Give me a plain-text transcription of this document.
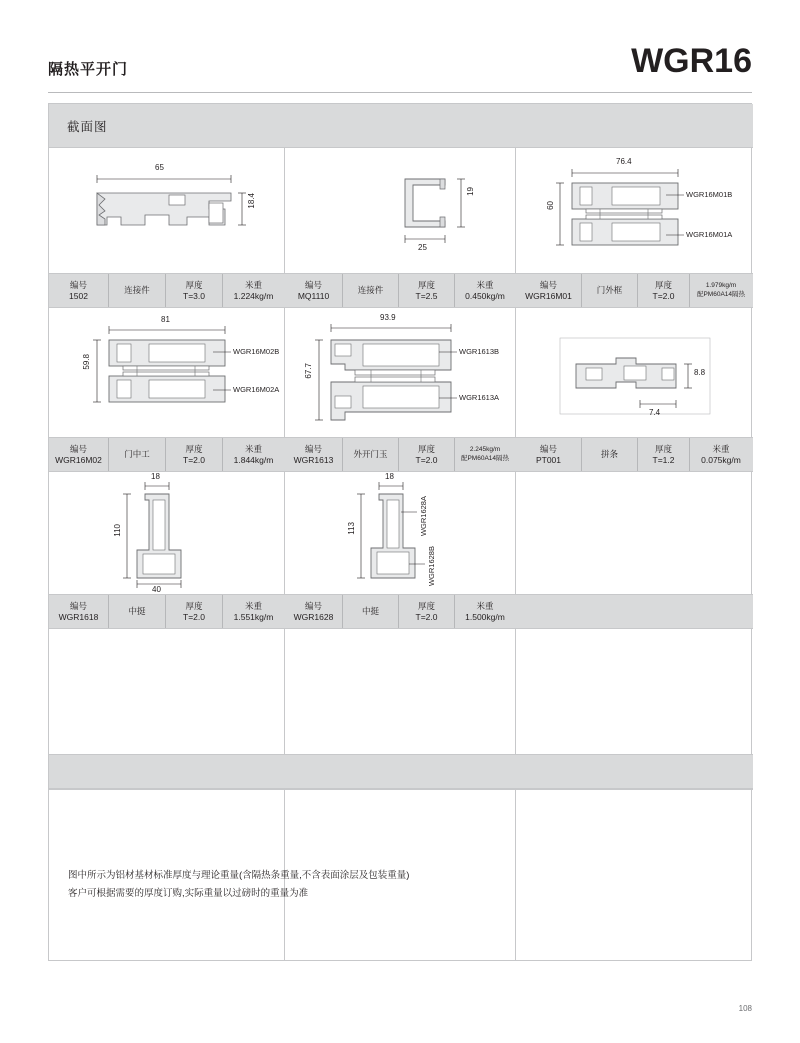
隔热平开门	WGR16
截面图
65
18.4
25
19
76.4
60
WGR16M01B
WGR16M01A
编号
1502
连接件
厚度
T=3.0
米重
1.224kg/m
编号
MQ1110
连接件
厚度
T=2.5
米重
0.450kg/m
编号
WGR16M01
门外框
厚度
T=2.0
1.979kg/m
配PM60A14隔热
81
59.8
WGR16M02B
WGR16M02A
93.9
67.7
WGR1613B
WGR1613A
8.8
7.4
编号
WGR16M02
门中工
厚度
T=2.0
米重
1.844kg/m
编号
WGR1613
外开门玉
厚度
T=2.0
2.245kg/m
配PM60A14隔热
编号
PT001
拼条
厚度
T=1.2
米重
0.075kg/m
18
110
40
18
113	WGR1628A
WGR1628B
编号
WGR1618
中挺
厚度
T=2.0
米重
1.551kg/m
编号
WGR1628
中挺
厚度
T=2.0
米重
1.500kg/m
图中所示为铝材基材标准厚度与理论重量(含隔热条重量,不含表面涂层及包装重量)
客户可根据需要的厚度订购,实际重量以过磅时的重量为准
108
